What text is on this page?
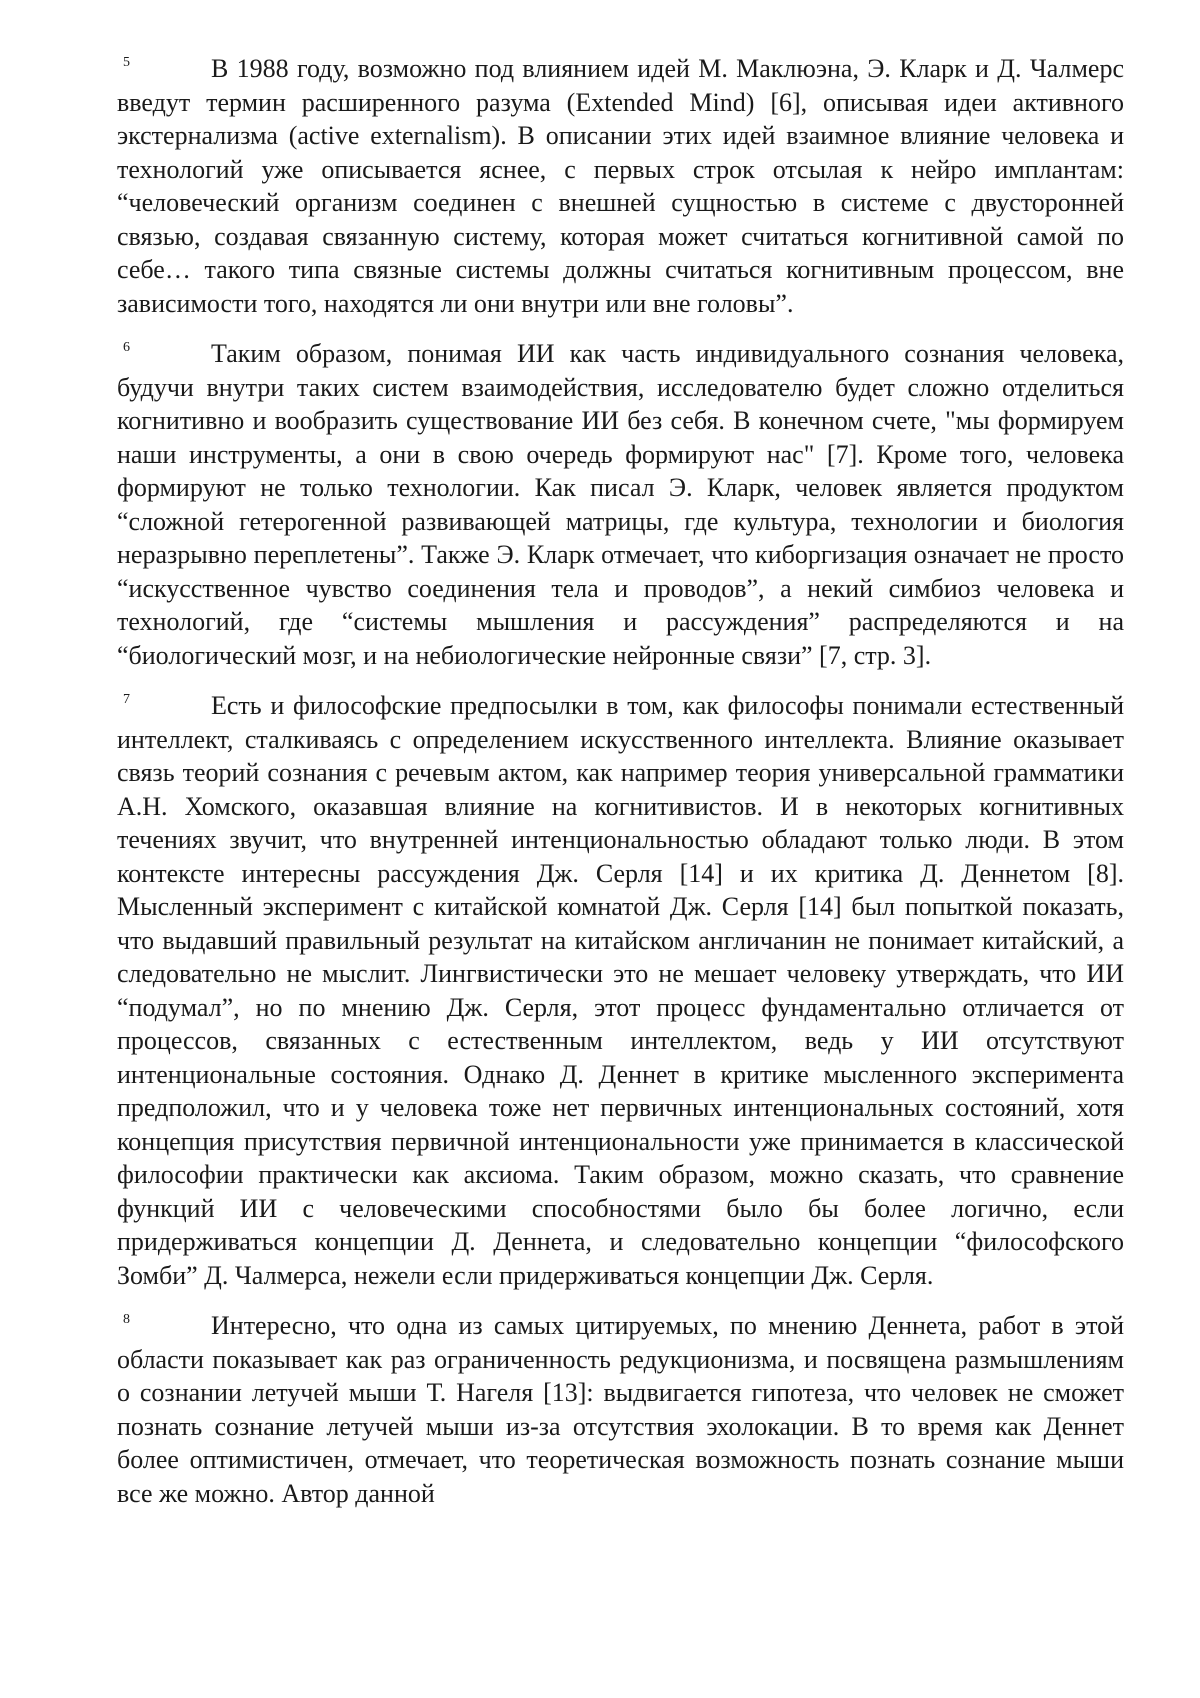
5	В 1988 году, возможно под влиянием идей М. Маклюэна, Э. Кларк и Д. Чалмерс введут термин расширенного разума (Extended Mind) [6], описывая идеи активного экстернализма (active externalism). В описании этих идей взаимное влияние человека и технологий уже описывается яснее, с первых строк отсылая к нейро имплантам: “человеческий организм соединен с внешней сущностью в системе с двусторонней связью, создавая связанную систему, которая может считаться когнитивной самой по себе… такого типа связные системы должны считаться когнитивным процессом, вне зависимости того, находятся ли они внутри или вне головы”.

6	Таким образом, понимая ИИ как часть индивидуального сознания человека, будучи внутри таких систем взаимодействия, исследователю будет сложно отделиться когнитивно и вообразить существование ИИ без себя. В конечном счете, "мы формируем наши инструменты, а они в свою очередь формируют нас" [7]. Кроме того, человека формируют не только технологии. Как писал Э. Кларк, человек является продуктом “сложной гетерогенной развивающей матрицы, где культура, технологии и биология неразрывно переплетены”. Также Э. Кларк отмечает, что киборгизация означает не просто “искусственное чувство соединения тела и проводов”, а некий симбиоз человека и технологий, где “системы мышления и рассуждения” распределяются и на “биологический мозг, и на небиологические нейронные связи” [7, стр. 3].

7	Есть и философские предпосылки в том, как философы понимали естественный интеллект, сталкиваясь с определением искусственного интеллекта. Влияние оказывает связь теорий сознания с речевым актом, как например теория универсальной грамматики А.Н. Хомского, оказавшая влияние на когнитивистов. И в некоторых когнитивных течениях звучит, что внутренней интенциональностью обладают только люди. В этом контексте интересны рассуждения Дж. Серля [14] и их критика Д. Деннетом [8]. Мысленный эксперимент с китайской комнатой Дж. Серля [14] был попыткой показать, что выдавший правильный результат на китайском англичанин не понимает китайский, а следовательно не мыслит. Лингвистически это не мешает человеку утверждать, что ИИ “подумал”, но по мнению Дж. Серля, этот процесс фундаментально отличается от процессов, связанных с естественным интеллектом, ведь у ИИ отсутствуют интенциональные состояния. Однако Д. Деннет в критике мысленного эксперимента предположил, что и у человека тоже нет первичных интенциональных состояний, хотя концепция присутствия первичной интенциональности уже принимается в классической философии практически как аксиома. Таким образом, можно сказать, что сравнение функций ИИ с человеческими способностями было бы более логично, если придерживаться концепции Д. Деннета, и следовательно концепции “философского Зомби” Д. Чалмерса, нежели если придерживаться концепции Дж. Серля.

8	Интересно, что одна из самых цитируемых, по мнению Деннета, работ в этой области показывает как раз ограниченность редукционизма, и посвящена размышлениям о сознании летучей мыши Т. Нагеля [13]: выдвигается гипотеза, что человек не сможет познать сознание летучей мыши из-за отсутствия эхолокации. В то время как Деннет более оптимистичен, отмечает, что теоретическая возможность познать сознание мыши все же можно. Автор данной
